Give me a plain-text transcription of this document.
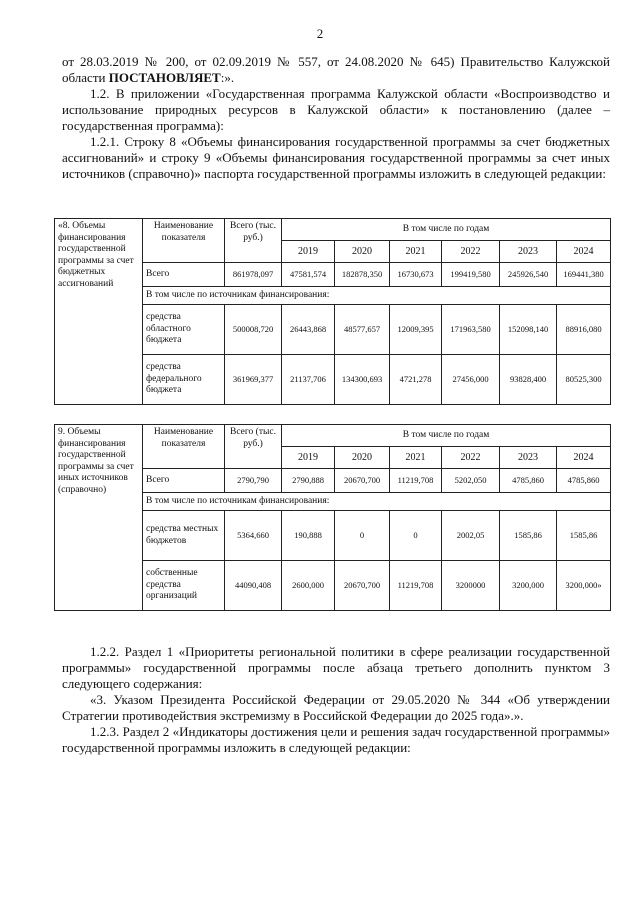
2

от 28.03.2019 № 200, от 02.09.2019 № 557, от 24.08.2020 № 645) Правительство Калужской области ПОСТАНОВЛЯЕТ:».

1.2. В приложении «Государственная программа Калужской области «Воспроизводство и использование природных ресурсов в Калужской области» к постановлению (далее – государственная программа):

1.2.1. Строку 8 «Объемы финансирования государственной программы за счет бюджетных ассигнований» и строку 9 «Объемы финансирования государственной программы за счет иных источников (справочно)» паспорта государственной программы изложить в следующей редакции:

«8. Объемы финансирования государственной программы за счет бюджетных ассигнований	Наименование показателя	Всего (тыс. руб.)	В том числе по годам					
			2019	2020	2021	2022	2023	2024
	Всего	861978,097	47581,574	182878,350	16730,673	199419,580	245926,540	169441,380
	В том числе по источникам финансирования:							
	средства областного бюджета	500008,720	26443,868	48577,657	12009,395	171963,580	152098,140	88916,080
	средства федерального бюджета	361969,377	21137,706	134300,693	4721,278	27456,000	93828,400	80525,300
9. Объемы финансирования государственной программы за счет иных источников (справочно)	Наименование показателя	Всего (тыс. руб.)	В том числе по годам					
			2019	2020	2021	2022	2023	2024
	Всего	2790,790	2790,888	20670,700	11219,708	5202,050	4785,860	4785,860
	В том числе по источникам финансирования:							
	средства местных бюджетов	5364,660	190,888	0	0	2002,05	1585,86	1585,86
	собственные средства организаций	44090,408	2600,000	20670,700	11219,708	3200000	3200,000	3200,000»

1.2.2. Раздел 1 «Приоритеты региональной политики в сфере реализации государственной программы» государственной программы после абзаца третьего дополнить пунктом 3 следующего содержания:

«3. Указом Президента Российской Федерации от 29.05.2020 № 344 «Об утверждении Стратегии противодействия экстремизму в Российской Федерации до 2025 года».».

1.2.3. Раздел 2 «Индикаторы достижения цели и решения задач государственной программы» государственной программы изложить в следующей редакции:
